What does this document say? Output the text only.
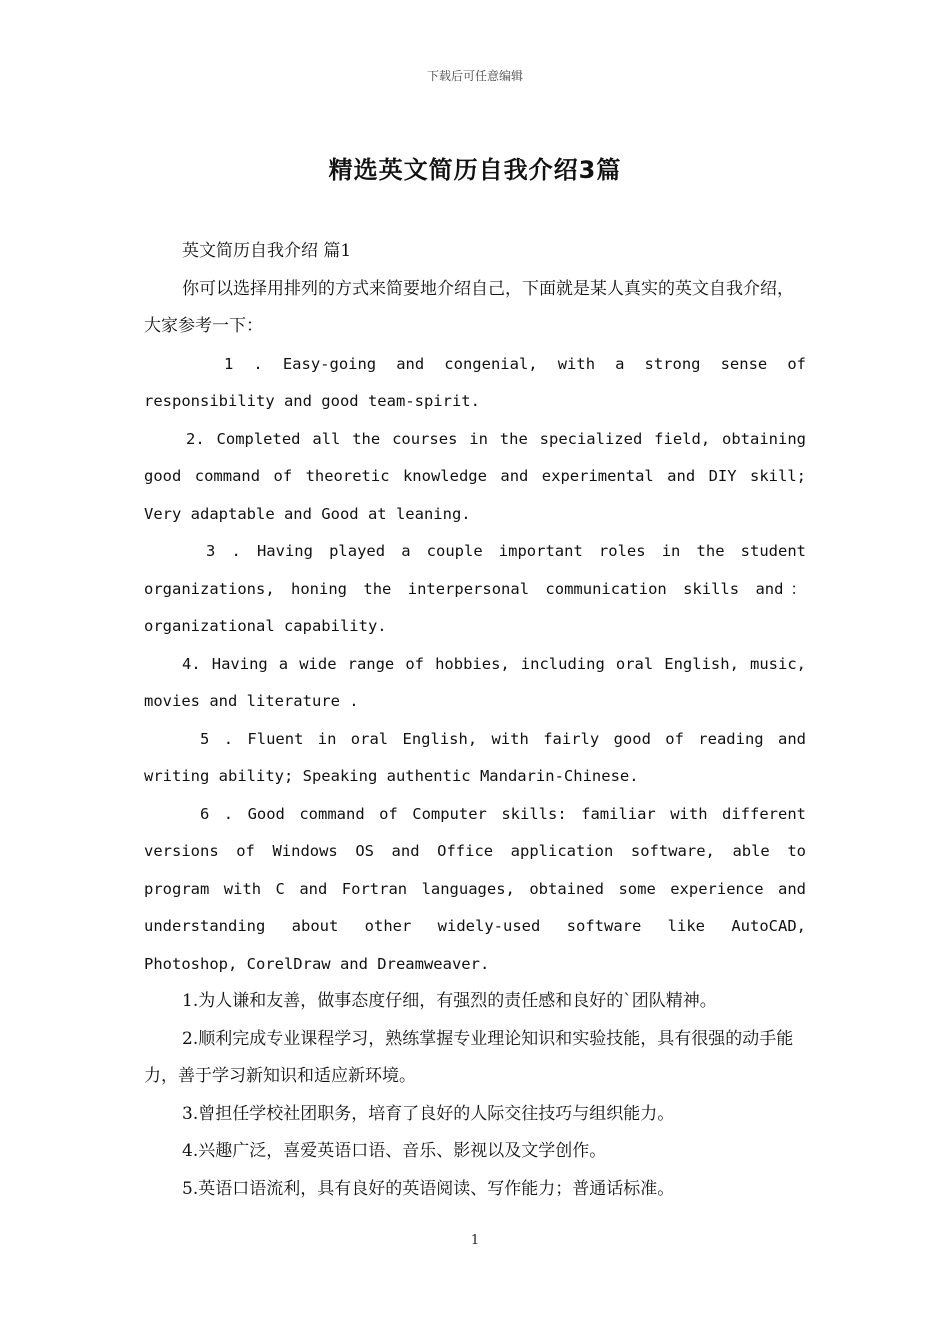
下载后可任意编辑
精选英文简历自我介绍3篇

英文简历自我介绍 篇1

你可以选择用排列的方式来简要地介绍自己，下面就是某人真实的英文自我介绍，大家参考一下：

1 . Easy-going and congenial, with a strong sense of responsibility and good team-spirit.

2. Completed all the courses in the specialized field, obtaining good command of theoretic knowledge and experimental and DIY skill; Very adaptable and Good at leaning.

3 . Having played a couple important roles in the student organizations, honing the interpersonal communication skills and： organizational capability.

4. Having a wide range of hobbies, including oral English, music, movies and literature .

5 . Fluent in oral English, with fairly good of reading and writing ability; Speaking authentic Mandarin-Chinese.

6 . Good command of Computer skills: familiar with different versions of Windows OS and Office application software, able to program with C and Fortran languages, obtained some experience and understanding about other widely-used software like AutoCAD, Photoshop, CorelDraw and Dreamweaver.

1.为人谦和友善，做事态度仔细，有强烈的责任感和良好的`团队精神。

2.顺利完成专业课程学习，熟练掌握专业理论知识和实验技能，具有很强的动手能力，善于学习新知识和适应新环境。

3.曾担任学校社团职务，培育了良好的人际交往技巧与组织能力。

4.兴趣广泛，喜爱英语口语、音乐、影视以及文学创作。

5.英语口语流利，具有良好的英语阅读、写作能力；普通话标准。

1
